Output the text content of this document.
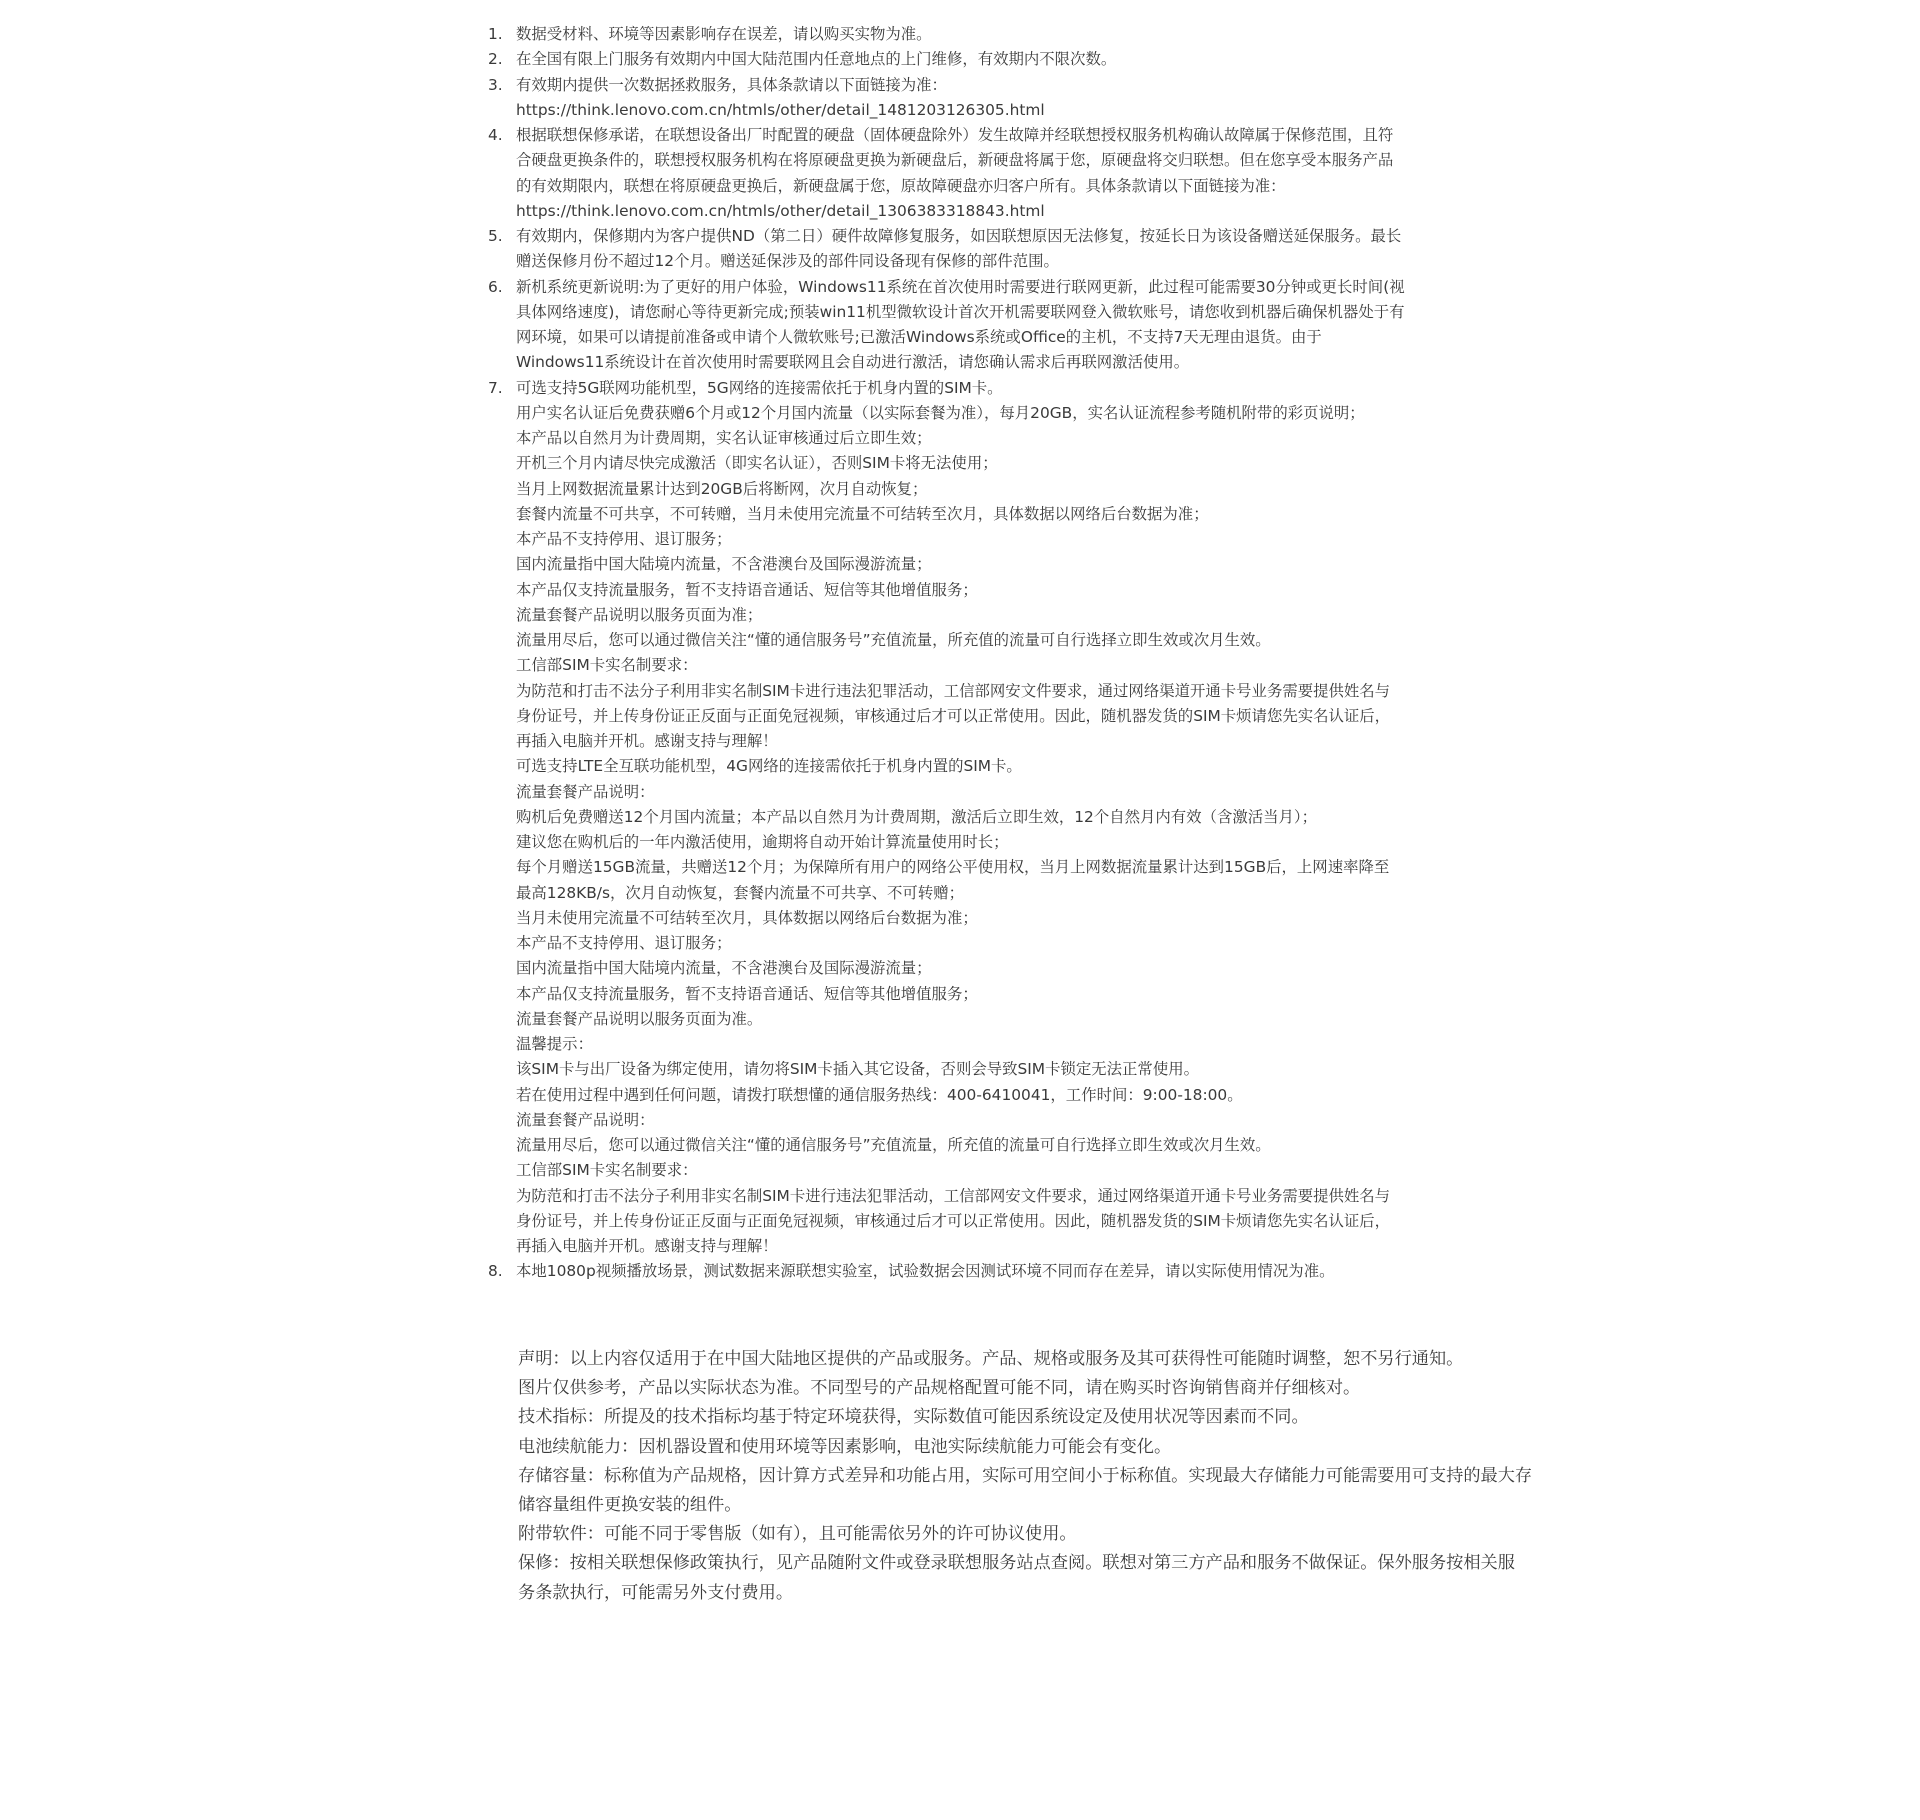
1. 数据受材料、环境等因素影响存在误差，请以购买实物为准。
2. 在全国有限上门服务有效期内中国大陆范围内任意地点的上门维修，有效期内不限次数。
3. 有效期内提供一次数据拯救服务，具体条款请以下面链接为准：
https://think.lenovo.com.cn/htmls/other/detail_1481203126305.html
4. 根据联想保修承诺，在联想设备出厂时配置的硬盘（固体硬盘除外）发生故障并经联想授权服务机构确认故障属于保修范围，且符
合硬盘更换条件的，联想授权服务机构在将原硬盘更换为新硬盘后，新硬盘将属于您，原硬盘将交归联想。但在您享受本服务产品
的有效期限内，联想在将原硬盘更换后，新硬盘属于您，原故障硬盘亦归客户所有。具体条款请以下面链接为准：
https://think.lenovo.com.cn/htmls/other/detail_1306383318843.html
5. 有效期内，保修期内为客户提供ND（第二日）硬件故障修复服务，如因联想原因无法修复，按延长日为该设备赠送延保服务。最长
赠送保修月份不超过12个月。赠送延保涉及的部件同设备现有保修的部件范围。
6. 新机系统更新说明:为了更好的用户体验，Windows11系统在首次使用时需要进行联网更新，此过程可能需要30分钟或更长时间(视
具体网络速度)，请您耐心等待更新完成;预装win11机型微软设计首次开机需要联网登入微软账号，请您收到机器后确保机器处于有
网环境，如果可以请提前准备或申请个人微软账号;已激活Windows系统或Office的主机，不支持7天无理由退货。由于
Windows11系统设计在首次使用时需要联网且会自动进行激活，请您确认需求后再联网激活使用。
7. 可选支持5G联网功能机型，5G网络的连接需依托于机身内置的SIM卡。
用户实名认证后免费获赠6个月或12个月国内流量（以实际套餐为准），每月20GB，实名认证流程参考随机附带的彩页说明；
本产品以自然月为计费周期，实名认证审核通过后立即生效；
开机三个月内请尽快完成激活（即实名认证），否则SIM卡将无法使用；
当月上网数据流量累计达到20GB后将断网，次月自动恢复；
套餐内流量不可共享，不可转赠，当月未使用完流量不可结转至次月，具体数据以网络后台数据为准；
本产品不支持停用、退订服务；
国内流量指中国大陆境内流量，不含港澳台及国际漫游流量；
本产品仅支持流量服务，暂不支持语音通话、短信等其他增值服务；
流量套餐产品说明以服务页面为准；
流量用尽后，您可以通过微信关注“懂的通信服务号”充值流量，所充值的流量可自行选择立即生效或次月生效。
工信部SIM卡实名制要求：
为防范和打击不法分子利用非实名制SIM卡进行违法犯罪活动，工信部网安文件要求，通过网络渠道开通卡号业务需要提供姓名与
身份证号，并上传身份证正反面与正面免冠视频，审核通过后才可以正常使用。因此，随机器发货的SIM卡烦请您先实名认证后，
再插入电脑并开机。感谢支持与理解！
可选支持LTE全互联功能机型，4G网络的连接需依托于机身内置的SIM卡。
流量套餐产品说明：
购机后免费赠送12个月国内流量；本产品以自然月为计费周期，激活后立即生效，12个自然月内有效（含激活当月）；
建议您在购机后的一年内激活使用，逾期将自动开始计算流量使用时长；
每个月赠送15GB流量，共赠送12个月；为保障所有用户的网络公平使用权，当月上网数据流量累计达到15GB后，上网速率降至
最高128KB/s，次月自动恢复，套餐内流量不可共享、不可转赠；
当月未使用完流量不可结转至次月，具体数据以网络后台数据为准；
本产品不支持停用、退订服务；
国内流量指中国大陆境内流量，不含港澳台及国际漫游流量；
本产品仅支持流量服务，暂不支持语音通话、短信等其他增值服务；
流量套餐产品说明以服务页面为准。
温馨提示：
该SIM卡与出厂设备为绑定使用，请勿将SIM卡插入其它设备，否则会导致SIM卡锁定无法正常使用。
若在使用过程中遇到任何问题，请拨打联想懂的通信服务热线：400-6410041，工作时间：9:00-18:00。
流量套餐产品说明：
流量用尽后，您可以通过微信关注“懂的通信服务号”充值流量，所充值的流量可自行选择立即生效或次月生效。
工信部SIM卡实名制要求：
为防范和打击不法分子利用非实名制SIM卡进行违法犯罪活动，工信部网安文件要求，通过网络渠道开通卡号业务需要提供姓名与
身份证号，并上传身份证正反面与正面免冠视频，审核通过后才可以正常使用。因此，随机器发货的SIM卡烦请您先实名认证后，
再插入电脑并开机。感谢支持与理解！
8. 本地1080p视频播放场景，测试数据来源联想实验室，试验数据会因测试环境不同而存在差异，请以实际使用情况为准。
声明：以上内容仅适用于在中国大陆地区提供的产品或服务。产品、规格或服务及其可获得性可能随时调整，恕不另行通知。
图片仅供参考，产品以实际状态为准。不同型号的产品规格配置可能不同，请在购买时咨询销售商并仔细核对。
技术指标：所提及的技术指标均基于特定环境获得，实际数值可能因系统设定及使用状况等因素而不同。
电池续航能力：因机器设置和使用环境等因素影响，电池实际续航能力可能会有变化。
存储容量：标称值为产品规格，因计算方式差异和功能占用，实际可用空间小于标称值。实现最大存储能力可能需要用可支持的最大存
储容量组件更换安装的组件。
附带软件：可能不同于零售版（如有），且可能需依另外的许可协议使用。
保修：按相关联想保修政策执行，见产品随附文件或登录联想服务站点查阅。联想对第三方产品和服务不做保证。保外服务按相关服
务条款执行，可能需另外支付费用。
